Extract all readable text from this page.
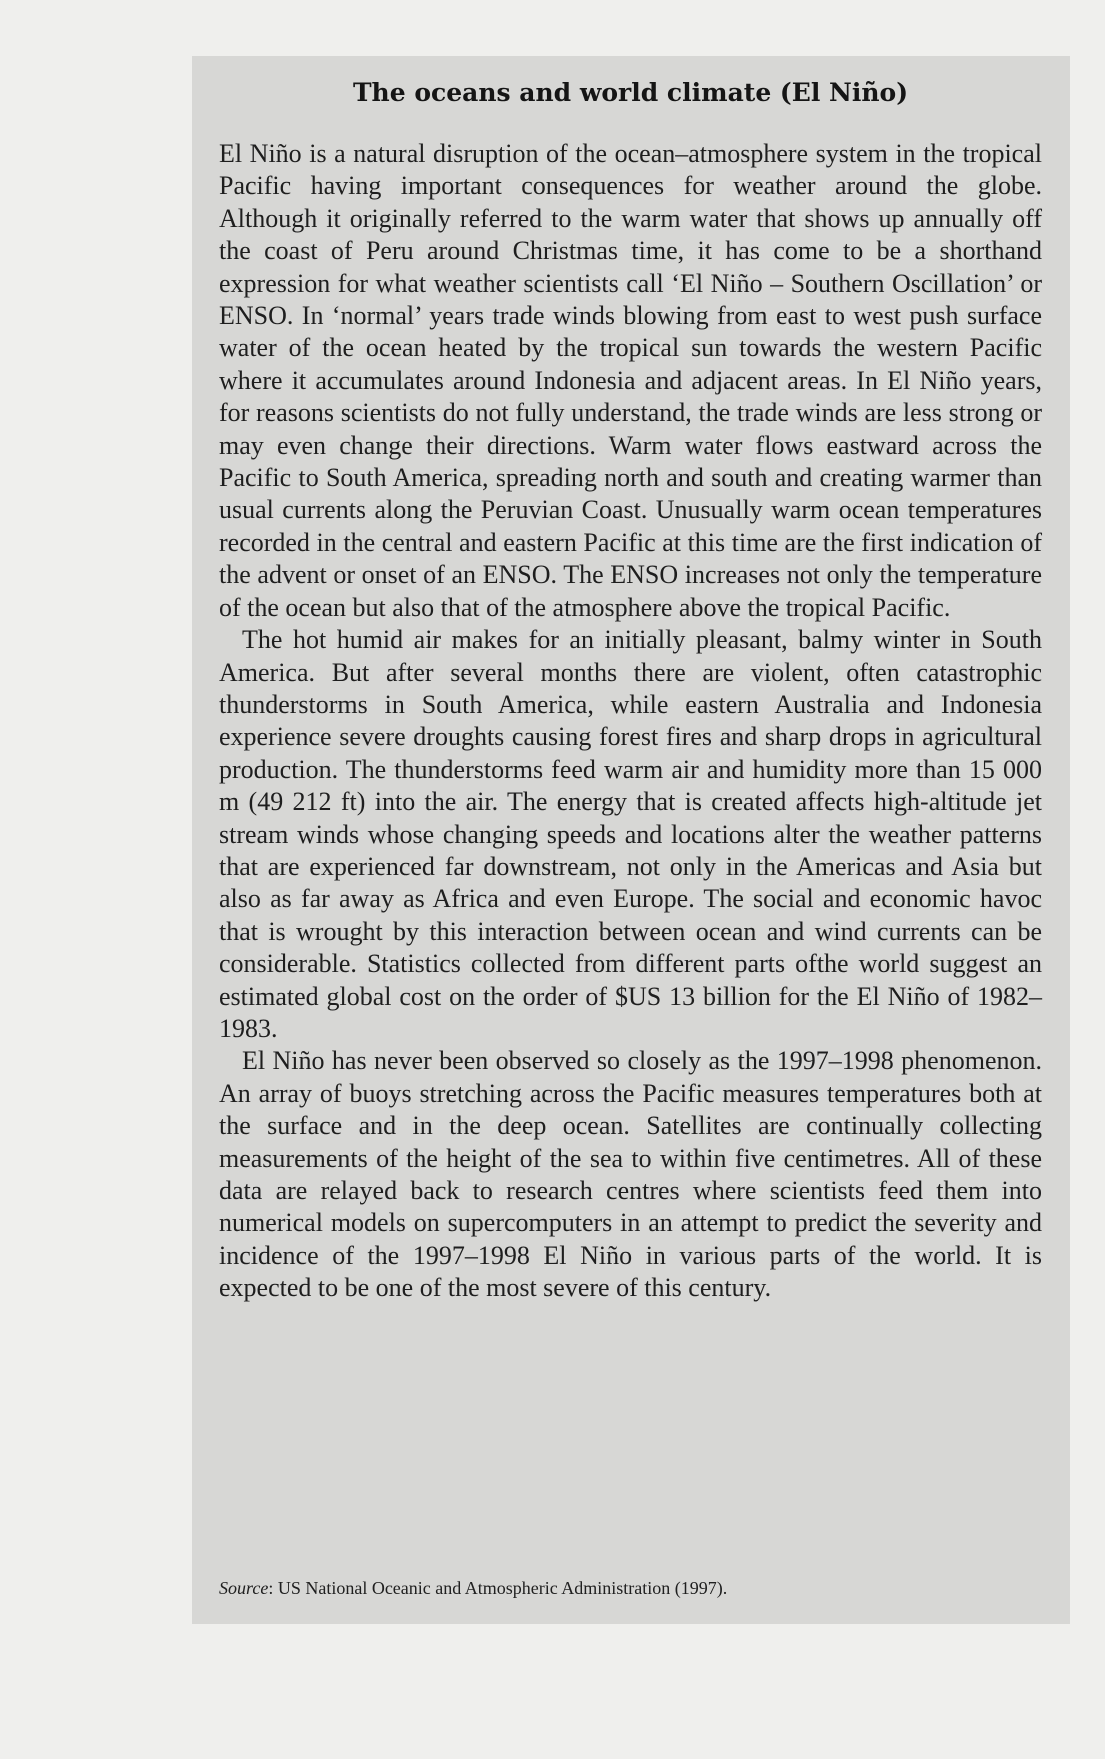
The oceans and world climate (El Niño)

El Niño is a natural disruption of the ocean–atmosphere system in the tropical Pacific having important consequences for weather around the globe. Although it originally referred to the warm water that shows up annually off the coast of Peru around Christmas time, it has come to be a shorthand expression for what weather scientists call ‘El Niño – Southern Oscillation’ or ENSO. In ‘normal’ years trade winds blowing from east to west push surface water of the ocean heated by the tropical sun towards the western Pacific where it accumulates around Indonesia and adjacent areas. In El Niño years, for reasons scientists do not fully understand, the trade winds are less strong or may even change their directions. Warm water flows eastward across the Pacific to South America, spreading north and south and creating warmer than usual currents along the Peruvian Coast. Unusually warm ocean temperatures recorded in the central and eastern Pacific at this time are the first indication of the advent or onset of an ENSO. The ENSO increases not only the temperature of the ocean but also that of the atmosphere above the tropical Pacific.

The hot humid air makes for an initially pleasant, balmy winter in South America. But after several months there are violent, often catastrophic thunderstorms in South America, while eastern Australia and Indonesia experience severe droughts causing forest fires and sharp drops in agricultural production. The thunderstorms feed warm air and humidity more than 15 000 m (49 212 ft) into the air. The energy that is created affects high-altitude jet stream winds whose changing speeds and locations alter the weather patterns that are experienced far downstream, not only in the Americas and Asia but also as far away as Africa and even Europe. The social and economic havoc that is wrought by this interaction between ocean and wind currents can be considerable. Statistics collected from different parts ofthe world suggest an estimated global cost on the order of $US 13 billion for the El Niño of 1982–1983.

El Niño has never been observed so closely as the 1997–1998 phenomenon. An array of buoys stretching across the Pacific measures temperatures both at the surface and in the deep ocean. Satellites are continually collecting measurements of the height of the sea to within five centimetres. All of these data are relayed back to research centres where scientists feed them into numerical models on supercomputers in an attempt to predict the severity and incidence of the 1997–1998 El Niño in various parts of the world. It is expected to be one of the most severe of this century.

Source: US National Oceanic and Atmospheric Administration (1997).
